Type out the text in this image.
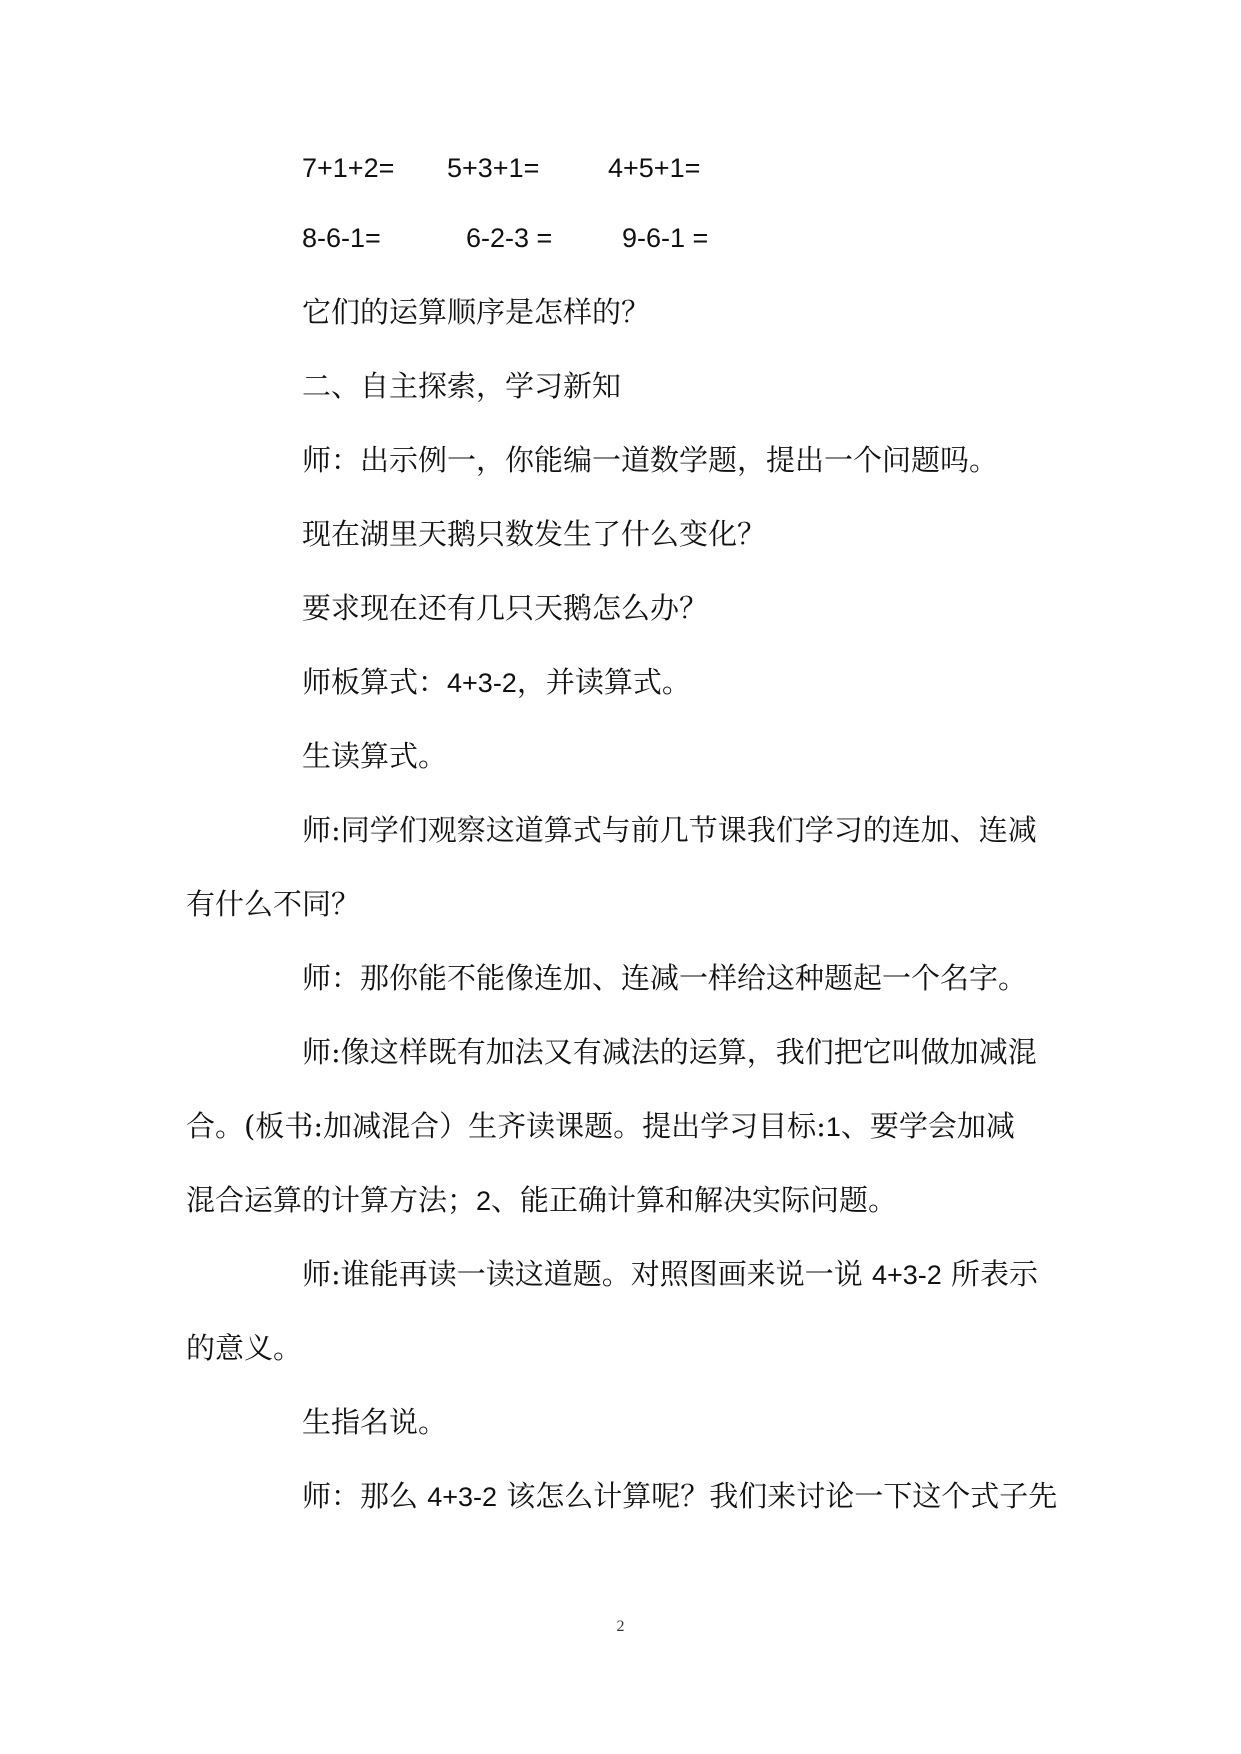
7+1+2= 5+3+1=	4+5+1=
8-6-1=	6-2-3 =	9-6-1 =
它们的运算顺序是怎样的？
二、自主探索，学习新知
师：出示例一，你能编一道数学题，提出一个问题吗。
现在湖里天鹅只数发生了什么变化？
要求现在还有几只天鹅怎么办？
师板算式：4+3-2，并读算式。
生读算式。
师:同学们观察这道算式与前几节课我们学习的连加、连减
有什么不同？
师：那你能不能像连加、连减一样给这种题起一个名字。
师:像这样既有加法又有减法的运算，我们把它叫做加减混
合。(板书:加减混合）生齐读课题。提出学习目标:1、要学会加减
混合运算的计算方法；2、能正确计算和解决实际问题。
师:谁能再读一读这道题。对照图画来说一说 4+3-2 所表示
的意义。
生指名说。
师：那么 4+3-2 该怎么计算呢？我们来讨论一下这个式子先
2
